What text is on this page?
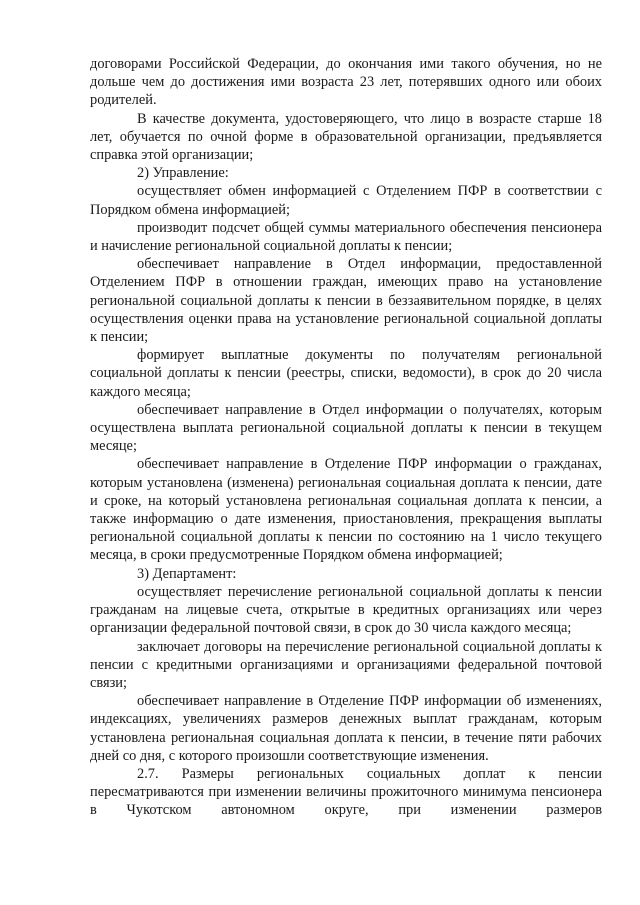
договорами Российской Федерации, до окончания ими такого обучения, но не дольше чем до достижения ими возраста 23 лет, потерявших одного или обоих родителей.

В качестве документа, удостоверяющего, что лицо в возрасте старше 18 лет, обучается по очной форме в образовательной организации, предъявляется справка этой организации;

2) Управление:

осуществляет обмен информацией с Отделением ПФР в соответствии с Порядком обмена информацией;

производит подсчет общей суммы материального обеспечения пенсионера и начисление региональной социальной доплаты к пенсии;

обеспечивает направление в Отдел информации, предоставленной Отделением ПФР в отношении граждан, имеющих право на установление региональной социальной доплаты к пенсии в беззаявительном порядке, в целях осуществления оценки права на установление региональной социальной доплаты к пенсии;

формирует выплатные документы по получателям региональной социальной доплаты к пенсии (реестры, списки, ведомости), в срок до 20 числа каждого месяца;

обеспечивает направление в Отдел информации о получателях, которым осуществлена выплата региональной социальной доплаты к пенсии в текущем месяце;

обеспечивает направление в Отделение ПФР информации о гражданах, которым установлена (изменена) региональная социальная доплата к пенсии, дате и сроке, на который установлена региональная социальная доплата к пенсии, а также информацию о дате изменения, приостановления, прекращения выплаты региональной социальной доплаты к пенсии по состоянию на 1 число текущего месяца, в сроки предусмотренные Порядком обмена информацией;

3) Департамент:

осуществляет перечисление региональной социальной доплаты к пенсии гражданам на лицевые счета, открытые в кредитных организациях или через организации федеральной почтовой связи, в срок до 30 числа каждого месяца;

заключает договоры на перечисление региональной социальной доплаты к пенсии с кредитными организациями и организациями федеральной почтовой связи;

обеспечивает направление в Отделение ПФР информации об изменениях, индексациях, увеличениях размеров денежных выплат гражданам, которым установлена региональная социальная доплата к пенсии, в течение пяти рабочих дней со дня, с которого произошли соответствующие изменения.

2.7. Размеры региональных социальных доплат к пенсии пересматриваются при изменении величины прожиточного минимума пенсионера в Чукотском автономном округе, при изменении размеров
